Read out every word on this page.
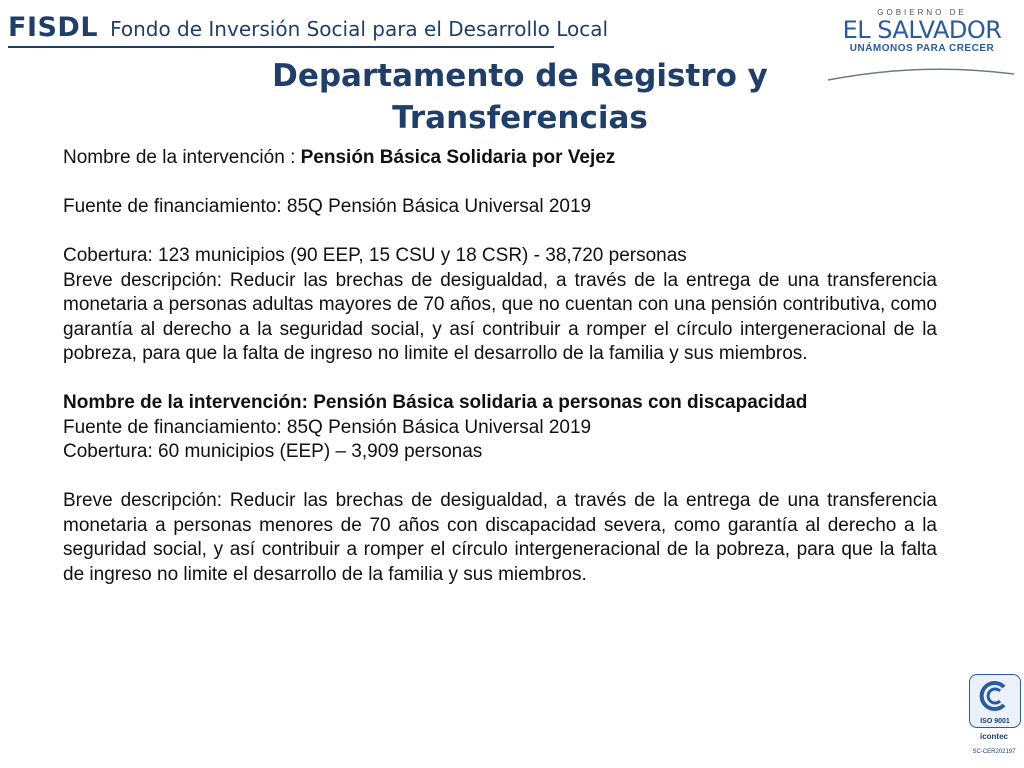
FISDL Fondo de Inversión Social para el Desarrollo Local
GOBIERNO DE
EL SALVADOR
UNÁMONOS PARA CRECER
Departamento de Registro y
Transferencias

Nombre de la intervención : Pensión Básica Solidaria por Vejez

Fuente de financiamiento: 85Q Pensión Básica Universal 2019

Cobertura: 123 municipios (90 EEP, 15 CSU y 18 CSR) - 38,720 personas

Breve descripción: Reducir las brechas de desigualdad, a través de la entrega de una transferencia monetaria a personas adultas mayores de 70 años, que no cuentan con una pensión contributiva, como garantía al derecho a la seguridad social, y así contribuir a romper el círculo intergeneracional de la pobreza, para que la falta de ingreso no limite el desarrollo de la familia y sus miembros.

Nombre de la intervención: Pensión Básica solidaria a personas con discapacidad

Fuente de financiamiento: 85Q Pensión Básica Universal 2019

Cobertura: 60 municipios (EEP) – 3,909 personas

Breve descripción: Reducir las brechas de desigualdad, a través de la entrega de una transferencia monetaria a personas menores de 70 años con discapacidad severa, como garantía al derecho a la seguridad social, y así contribuir a romper el círculo intergeneracional de la pobreza, para que la falta de ingreso no limite el desarrollo de la familia y sus miembros.

ISO 9001
icontec
SC-CER202197
